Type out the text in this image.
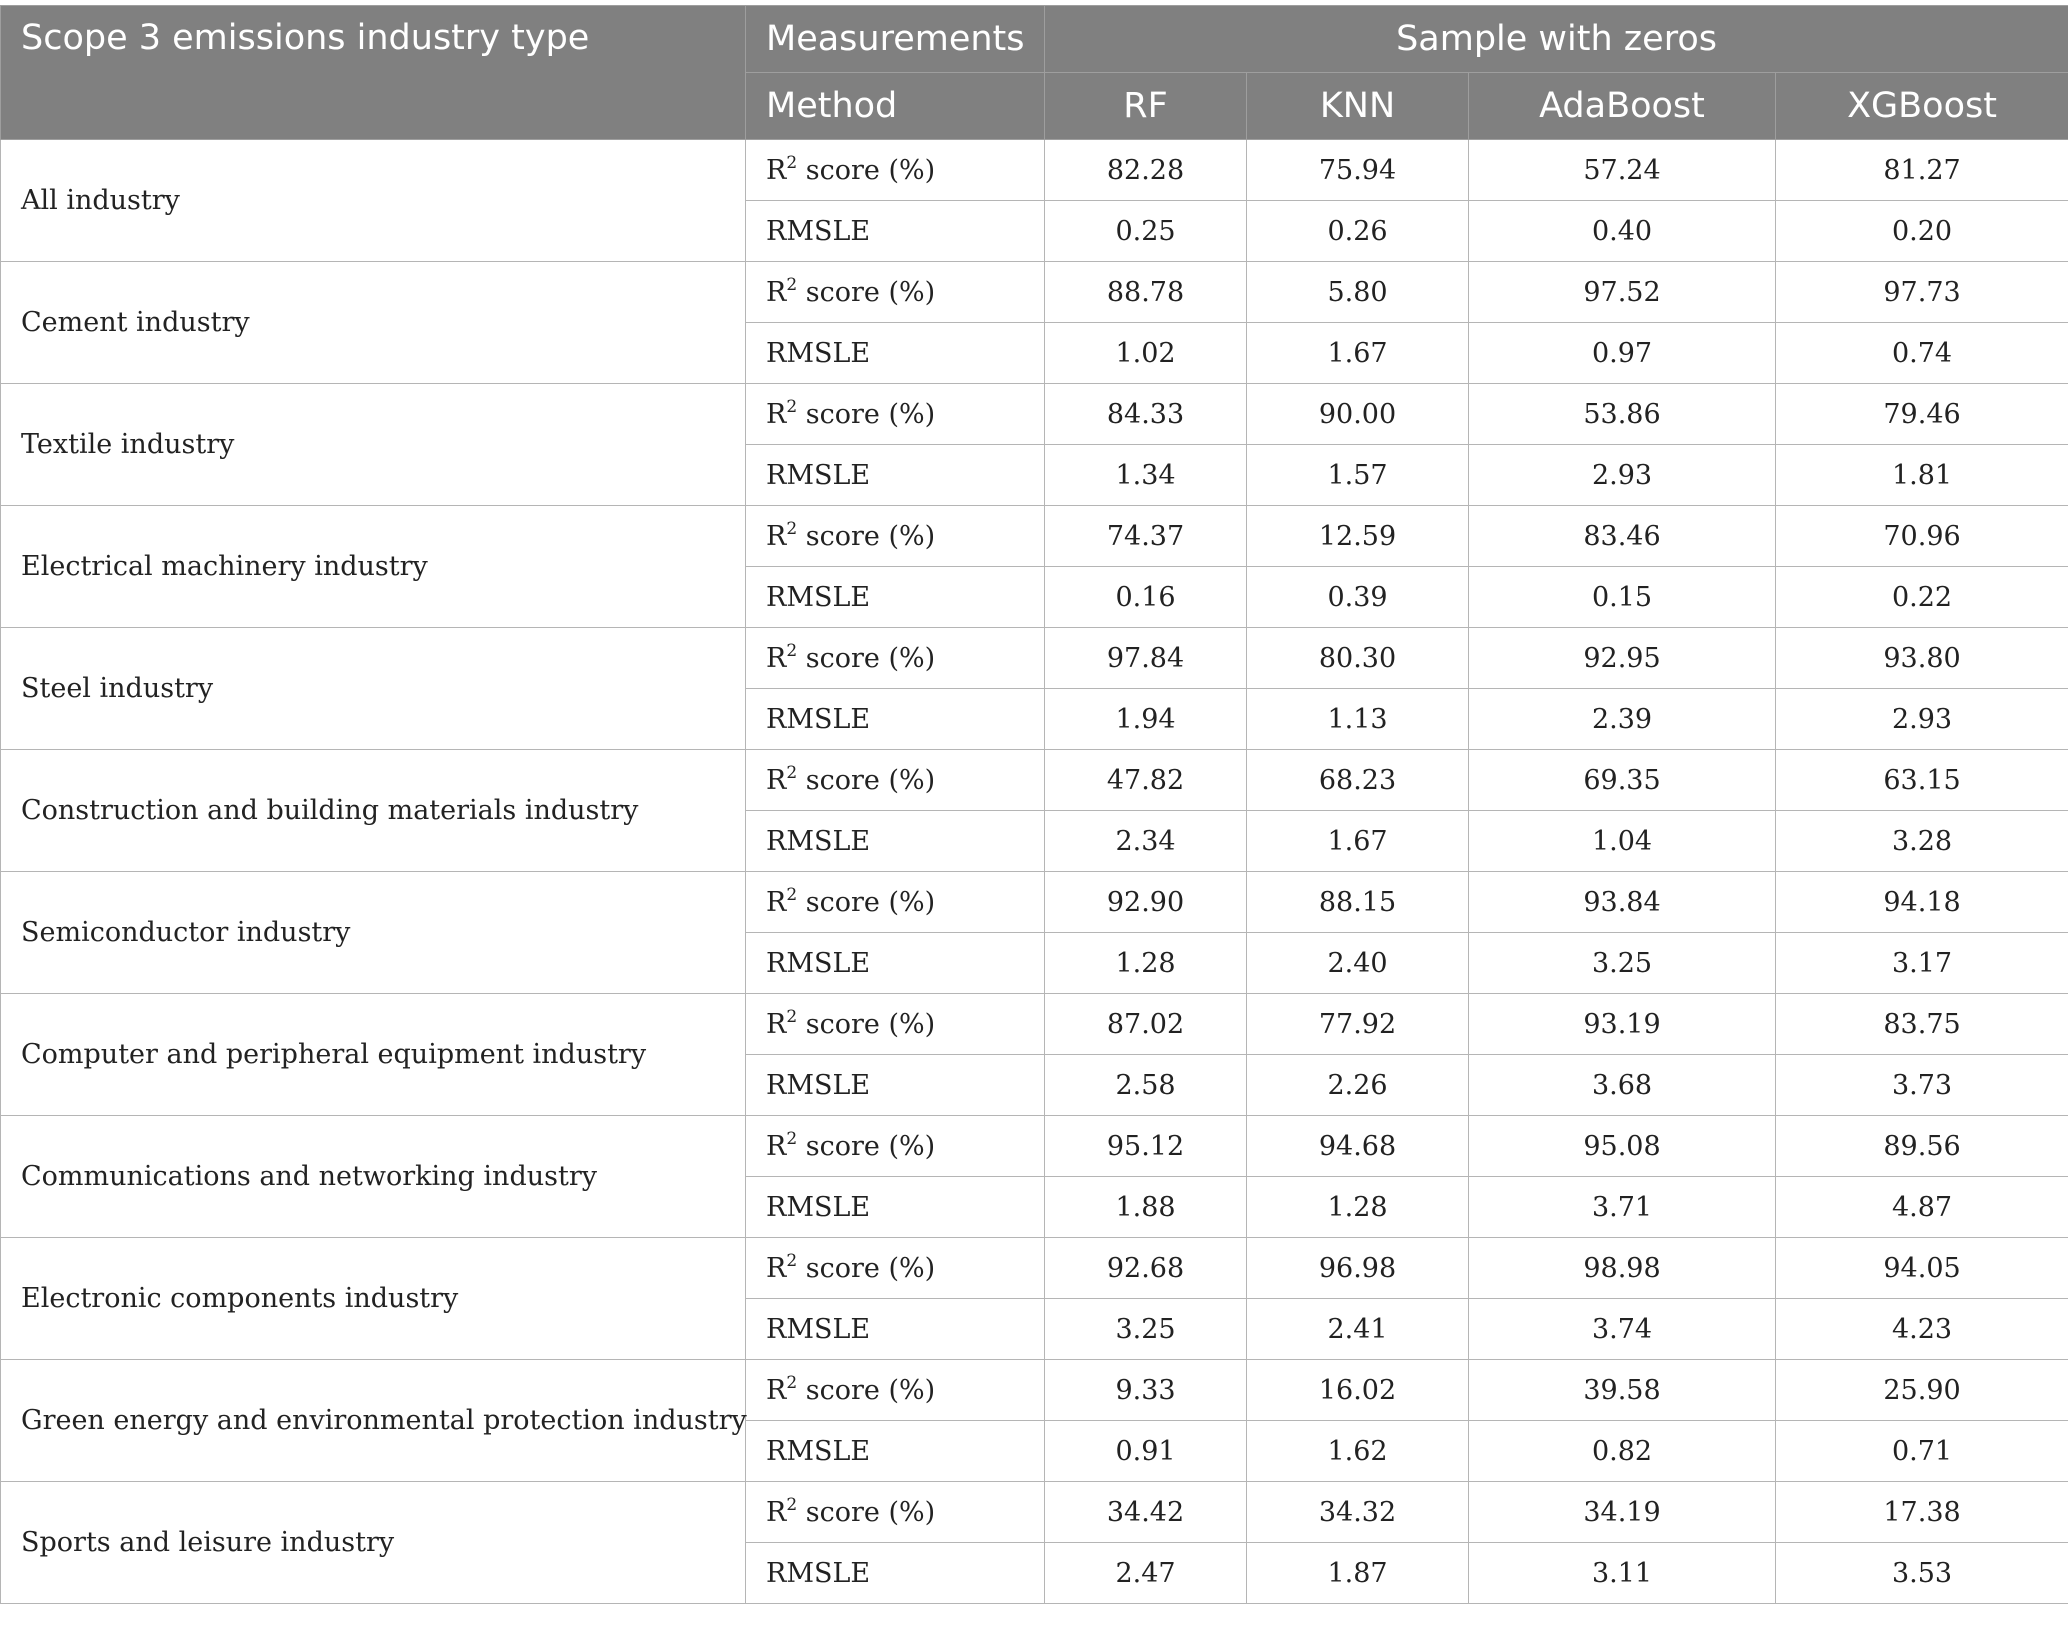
Scope 3 emissions industry type	Measurements	Sample with zeros			
	Method	RF	KNN	AdaBoost	XGBoost
All industry	$R^2$ score (%)	82.28	75.94	57.24	81.27
	RMSLE	0.25	0.26	0.40	0.20
Cement industry	$R^2$ score (%)	88.78	5.80	97.52	97.73
	RMSLE	1.02	1.67	0.97	0.74
Textile industry	$R^2$ score (%)	84.33	90.00	53.86	79.46
	RMSLE	1.34	1.57	2.93	1.81
Electrical machinery industry	$R^2$ score (%)	74.37	12.59	83.46	70.96
	RMSLE	0.16	0.39	0.15	0.22
Steel industry	$R^2$ score (%)	97.84	80.30	92.95	93.80
	RMSLE	1.94	1.13	2.39	2.93
Construction and building materials industry	$R^2$ score (%)	47.82	68.23	69.35	63.15
	RMSLE	2.34	1.67	1.04	3.28
Semiconductor industry	$R^2$ score (%)	92.90	88.15	93.84	94.18
	RMSLE	1.28	2.40	3.25	3.17
Computer and peripheral equipment industry	$R^2$ score (%)	87.02	77.92	93.19	83.75
	RMSLE	2.58	2.26	3.68	3.73
Communications and networking industry	$R^2$ score (%)	95.12	94.68	95.08	89.56
	RMSLE	1.88	1.28	3.71	4.87
Electronic components industry	$R^2$ score (%)	92.68	96.98	98.98	94.05
	RMSLE	3.25	2.41	3.74	4.23
Green energy and environmental protection industry	$R^2$ score (%)	9.33	16.02	39.58	25.90
	RMSLE	0.91	1.62	0.82	0.71
Sports and leisure industry	$R^2$ score (%)	34.42	34.32	34.19	17.38
	RMSLE	2.47	1.87	3.11	3.53
